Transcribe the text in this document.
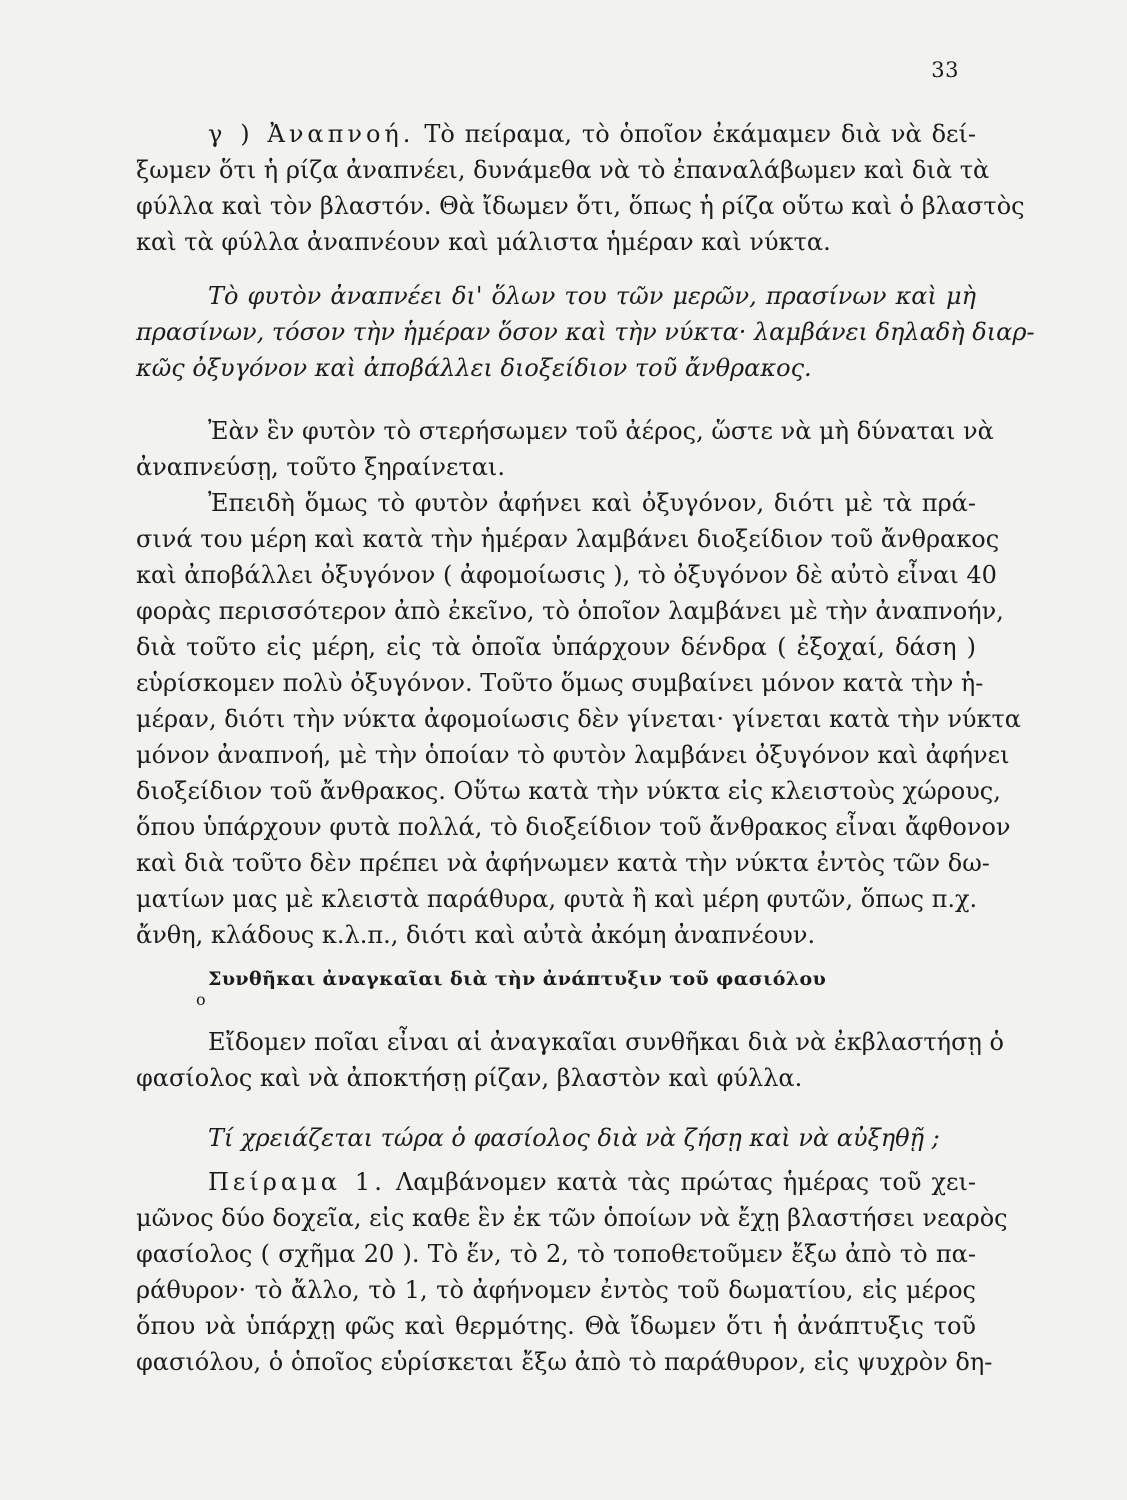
33
γ ) Ἀναπνοή. Τὸ πείραμα, τὸ ὁποῖον ἐκάμαμεν διὰ νὰ δεί-
ξωμεν ὅτι ἡ ρίζα ἀναπνέει, δυνάμεθα νὰ τὸ ἐπαναλάβωμεν καὶ διὰ τὰ
φύλλα καὶ τὸν βλαστόν. Θὰ ἴδωμεν ὅτι, ὅπως ἡ ρίζα οὕτω καὶ ὁ βλαστὸς
καὶ τὰ φύλλα ἀναπνέουν καὶ μάλιστα ἡμέραν καὶ νύκτα.
Τὸ φυτὸν ἀναπνέει δι' ὅλων του τῶν μερῶν, πρασίνων καὶ μὴ
πρασίνων, τόσον τὴν ἡμέραν ὅσον καὶ τὴν νύκτα· λαμβάνει δηλαδὴ διαρ-
κῶς ὀξυγόνον καὶ ἀποβάλλει διοξείδιον τοῦ ἄνθρακος.
Ἐὰν ἓν φυτὸν τὸ στερήσωμεν τοῦ ἀέρος, ὥστε νὰ μὴ δύναται νὰ
ἀναπνεύσῃ, τοῦτο ξηραίνεται.
Ἐπειδὴ ὅμως τὸ φυτὸν ἀφήνει καὶ ὀξυγόνον, διότι μὲ τὰ πρά-
σινά του μέρη καὶ κατὰ τὴν ἡμέραν λαμβάνει διοξείδιον τοῦ ἄνθρακος
καὶ ἀποβάλλει ὀξυγόνον ( ἀφομοίωσις ), τὸ ὀξυγόνον δὲ αὐτὸ εἶναι 40
φορὰς περισσότερον ἀπὸ ἐκεῖνο, τὸ ὁποῖον λαμβάνει μὲ τὴν ἀναπνοήν,
διὰ τοῦτο εἰς μέρη, εἰς τὰ ὁποῖα ὑπάρχουν δένδρα ( ἐξοχαί, δάση )
εὑρίσκομεν πολὺ ὀξυγόνον. Τοῦτο ὅμως συμβαίνει μόνον κατὰ τὴν ἡ-
μέραν, διότι τὴν νύκτα ἀφομοίωσις δὲν γίνεται· γίνεται κατὰ τὴν νύκτα
μόνον ἀναπνοή, μὲ τὴν ὁποίαν τὸ φυτὸν λαμβάνει ὀξυγόνον καὶ ἀφήνει
διοξείδιον τοῦ ἄνθρακος. Οὕτω κατὰ τὴν νύκτα εἰς κλειστοὺς χώρους,
ὅπου ὑπάρχουν φυτὰ πολλά, τὸ διοξείδιον τοῦ ἄνθρακος εἶναι ἄφθονον
καὶ διὰ τοῦτο δὲν πρέπει νὰ ἀφήνωμεν κατὰ τὴν νύκτα ἐντὸς τῶν δω-
ματίων μας μὲ κλειστὰ παράθυρα, φυτὰ ἢ καὶ μέρη φυτῶν, ὅπως π.χ.
ἄνθη, κλάδους κ.λ.π., διότι καὶ αὐτὰ ἀκόμη ἀναπνέουν.
ο
Συνθῆκαι ἀναγκαῖαι διὰ τὴν ἀνάπτυξιν τοῦ φασιόλου
Εἴδομεν ποῖαι εἶναι αἱ ἀναγκαῖαι συνθῆκαι διὰ νὰ ἐκβλαστήσῃ ὁ
φασίολος καὶ νὰ ἀποκτήσῃ ρίζαν, βλαστὸν καὶ φύλλα.
Τί χρειάζεται τώρα ὁ φασίολος διὰ νὰ ζήσῃ καὶ νὰ αὐξηθῇ ;
Πείραμα 1. Λαμβάνομεν κατὰ τὰς πρώτας ἡμέρας τοῦ χει-
μῶνος δύο δοχεῖα, εἰς καθε ἓν ἐκ τῶν ὁποίων νὰ ἔχῃ βλαστήσει νεαρὸς
φασίολος ( σχῆμα 20 ). Τὸ ἕν, τὸ 2, τὸ τοποθετοῦμεν ἔξω ἀπὸ τὸ πα-
ράθυρον· τὸ ἄλλο, τὸ 1, τὸ ἀφήνομεν ἐντὸς τοῦ δωματίου, εἰς μέρος
ὅπου νὰ ὑπάρχῃ φῶς καὶ θερμότης. Θὰ ἴδωμεν ὅτι ἡ ἀνάπτυξις τοῦ
φασιόλου, ὁ ὁποῖος εὑρίσκεται ἔξω ἀπὸ τὸ παράθυρον, εἰς ψυχρὸν δη-
